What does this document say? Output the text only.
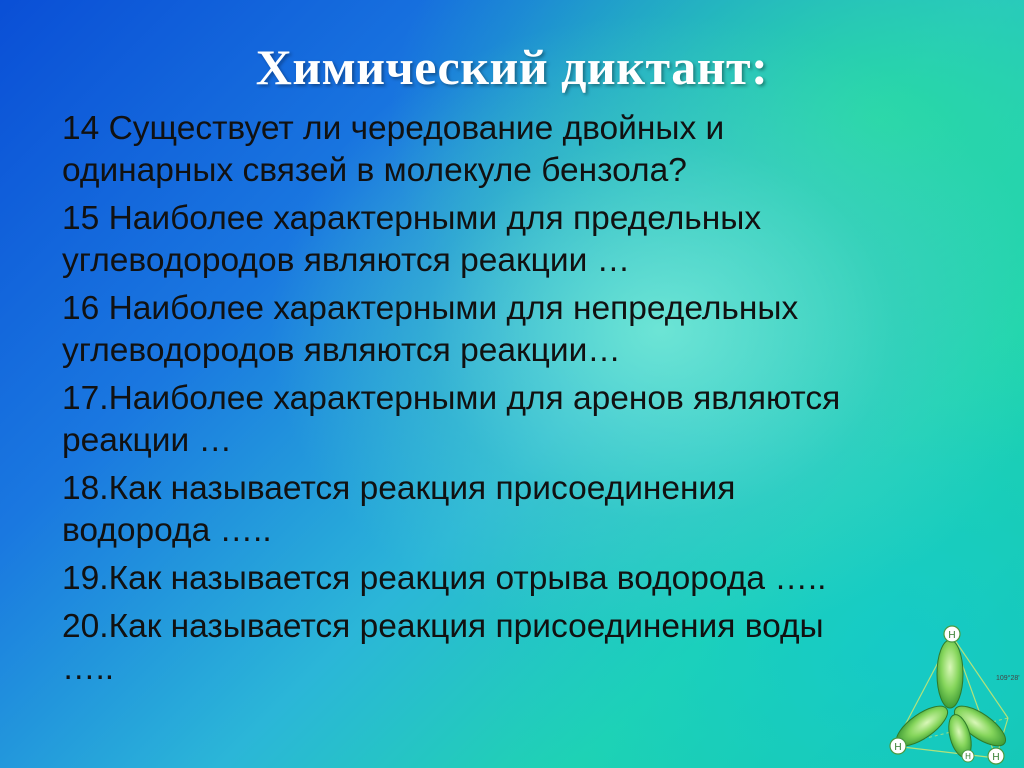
Химический диктант:
14 Существует ли чередование двойных и
одинарных связей в молекуле бензола?
15 Наиболее характерными для предельных
углеводородов являются реакции …
16 Наиболее характерными для непредельных
углеводородов являются реакции…
17.Наиболее характерными для аренов являются
реакции …
18.Как называется реакция присоединения
водорода …..
19.Как называется реакция отрыва водорода …..
20.Как называется реакция присоединения воды
…..
H
H
H
H
109°28'
